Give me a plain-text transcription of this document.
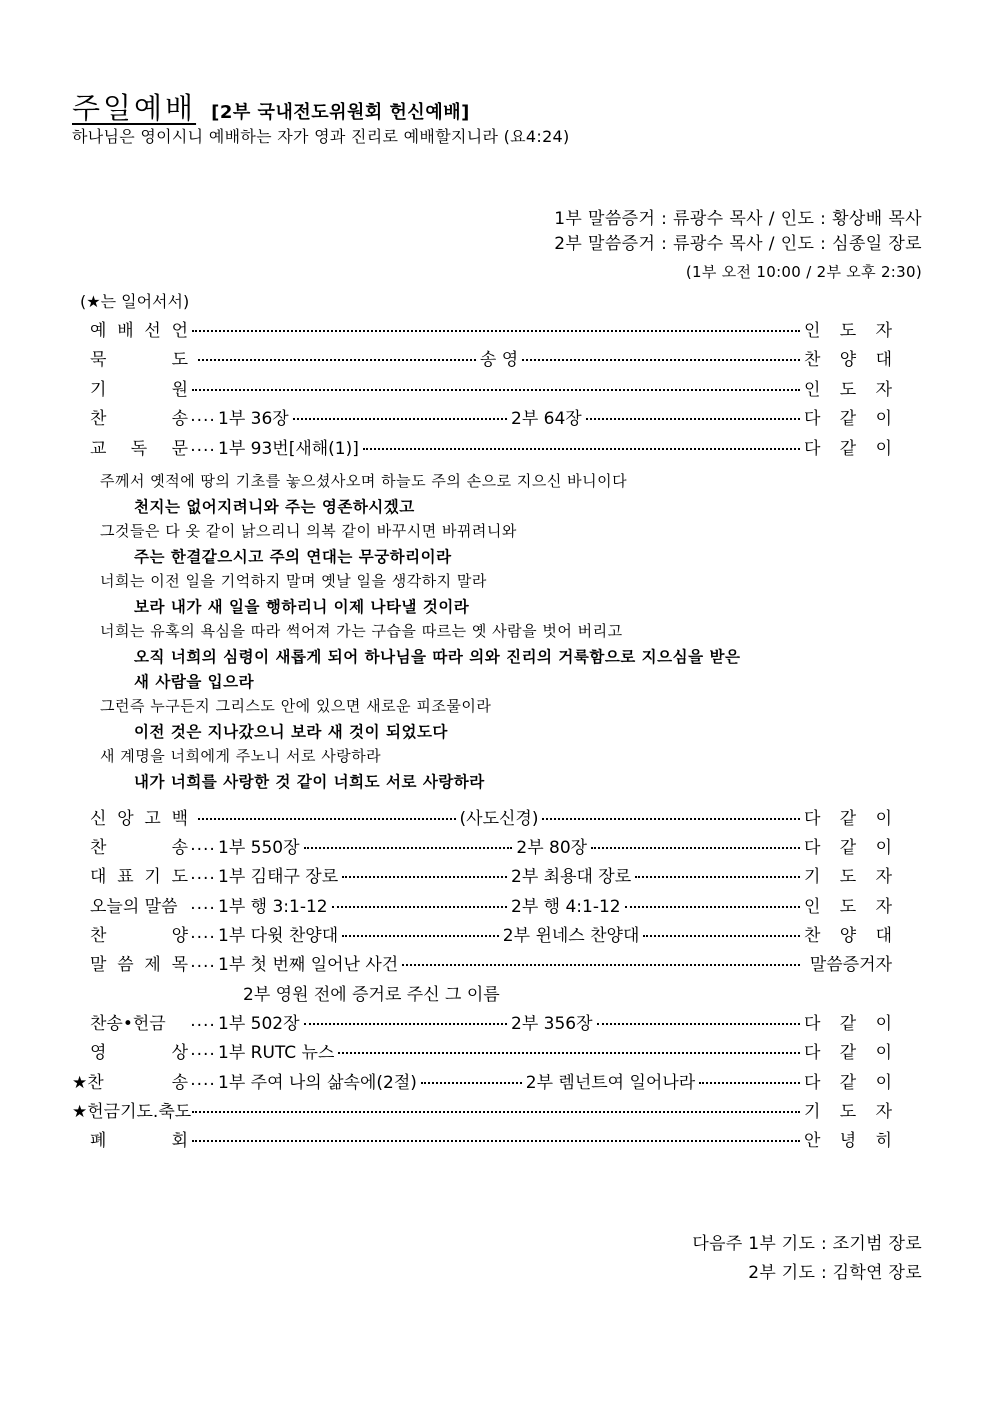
주일예배 [2부 국내전도위원회 헌신예배]
하나님은 영이시니 예배하는 자가 영과 진리로 예배할지니라 (요4:24)
1부 말씀증거 : 류광수 목사 / 인도 : 황상배 목사
2부 말씀증거 : 류광수 목사 / 인도 : 심종일 장로
(1부 오전 10:00 / 2부 오후 2:30)
(★는 일어서서)
예 배 선 언	인 도 자
묵	도	송 영	찬 양 대
기	원	인 도 자
찬	송 .... 1부 36장	2부 64장	다 같 이
교 독 문 .... 1부 93번[새해(1)]	다 같 이
주께서 옛적에 땅의 기초를 놓으셨사오며 하늘도 주의 손으로 지으신 바니이다
천지는 없어지려니와 주는 영존하시겠고
그것들은 다 옷 같이 낡으리니 의복 같이 바꾸시면 바뀌려니와
주는 한결같으시고 주의 연대는 무궁하리이라
너희는 이전 일을 기억하지 말며 옛날 일을 생각하지 말라
보라 내가 새 일을 행하리니 이제 나타낼 것이라
너희는 유혹의 욕심을 따라 썩어져 가는 구습을 따르는 옛 사람을 벗어 버리고
오직 너희의 심령이 새롭게 되어 하나님을 따라 의와 진리의 거룩함으로 지으심을 받은
새 사람을 입으라
그런즉 누구든지 그리스도 안에 있으면 새로운 피조물이라
이전 것은 지나갔으니 보라 새 것이 되었도다
새 계명을 너희에게 주노니 서로 사랑하라
내가 너희를 사랑한 것 같이 너희도 서로 사랑하라
신 앙 고 백	(사도신경)	다 같 이
찬	송 .... 1부 550장	2부 80장	다 같 이
대 표 기 도 .... 1부 김태구 장로	2부 최용대 장로	기 도 자
오늘의 말씀 .... 1부 행 3:1-12	2부 행 4:1-12	인 도 자
찬	양 .... 1부 다윗 찬양대	2부 윈네스 찬양대	찬 양 대
말 씀 제 목 .... 1부 첫 번째 일어난 사건	말씀증거자
2부 영원 전에 증거로 주신 그 이름
찬송•헌금 .... 1부 502장	2부 356장	다 같 이
영	상 .... 1부 RUTC 뉴스	다 같 이
★찬	송 .... 1부 주여 나의 삶속에(2절)	2부 렘넌트여 일어나라	다 같 이
★헌금기도.축도	기 도 자
폐	회	안 녕 히
다음주 1부 기도 : 조기범 장로
2부 기도 : 김학연 장로
